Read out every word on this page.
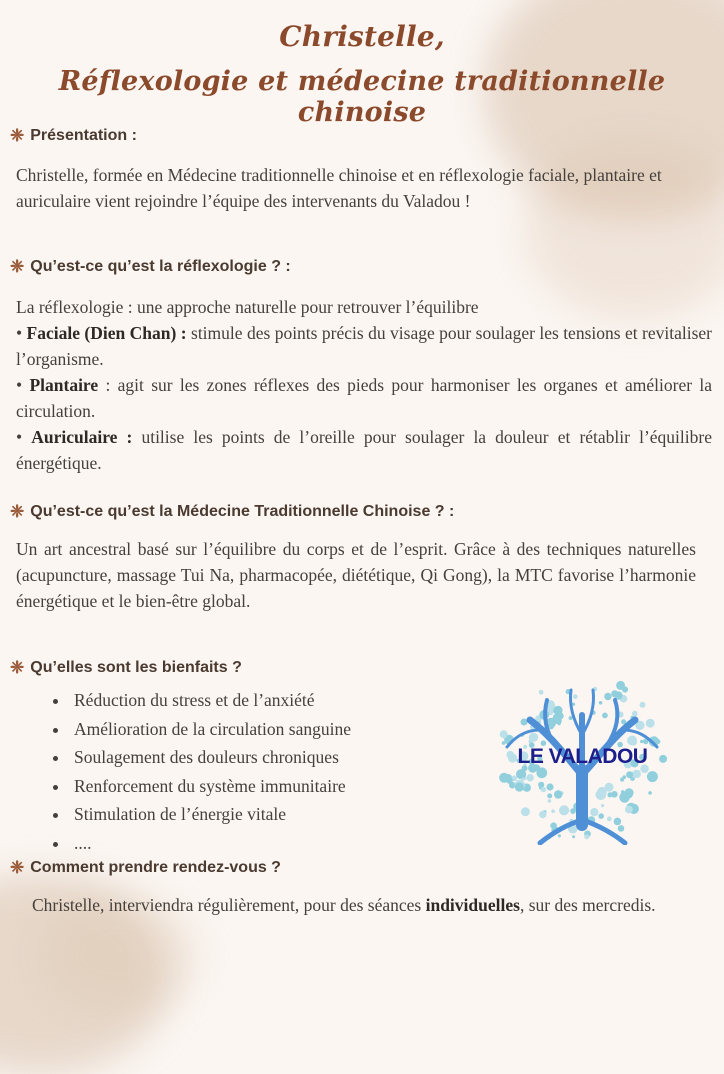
Christelle,
Réflexologie et médecine traditionnelle chinoise
❈ Présentation :
Christelle, formée en Médecine traditionnelle chinoise et en réflexologie faciale, plantaire et auriculaire vient rejoindre l’équipe des intervenants du Valadou !
❈ Qu’est-ce qu’est la réflexologie ? :

La réflexologie : une approche naturelle pour retrouver l’équilibre

• Faciale (Dien Chan) : stimule des points précis du visage pour soulager les tensions et revitaliser l’organisme.

• Plantaire : agit sur les zones réflexes des pieds pour harmoniser les organes et améliorer la circulation.

• Auriculaire : utilise les points de l’oreille pour soulager la douleur et rétablir l’équilibre énergétique.

❈ Qu’est-ce qu’est la Médecine Traditionnelle Chinoise ? :
Un art ancestral basé sur l’équilibre du corps et de l’esprit. Grâce à des techniques naturelles (acupuncture, massage Tui Na, pharmacopée, diététique, Qi Gong), la MTC favorise l’harmonie énergétique et le bien-être global.
❈ Qu’elles sont les bienfaits ?
• Réduction du stress et de l’anxiété
• Amélioration de la circulation sanguine
• Soulagement des douleurs chroniques
• Renforcement du système immunitaire
• Stimulation de l’énergie vitale
• ....
LE VALADOU
❈ Comment prendre rendez-vous ?
Christelle, interviendra régulièrement, pour des séances individuelles, sur des mercredis.
